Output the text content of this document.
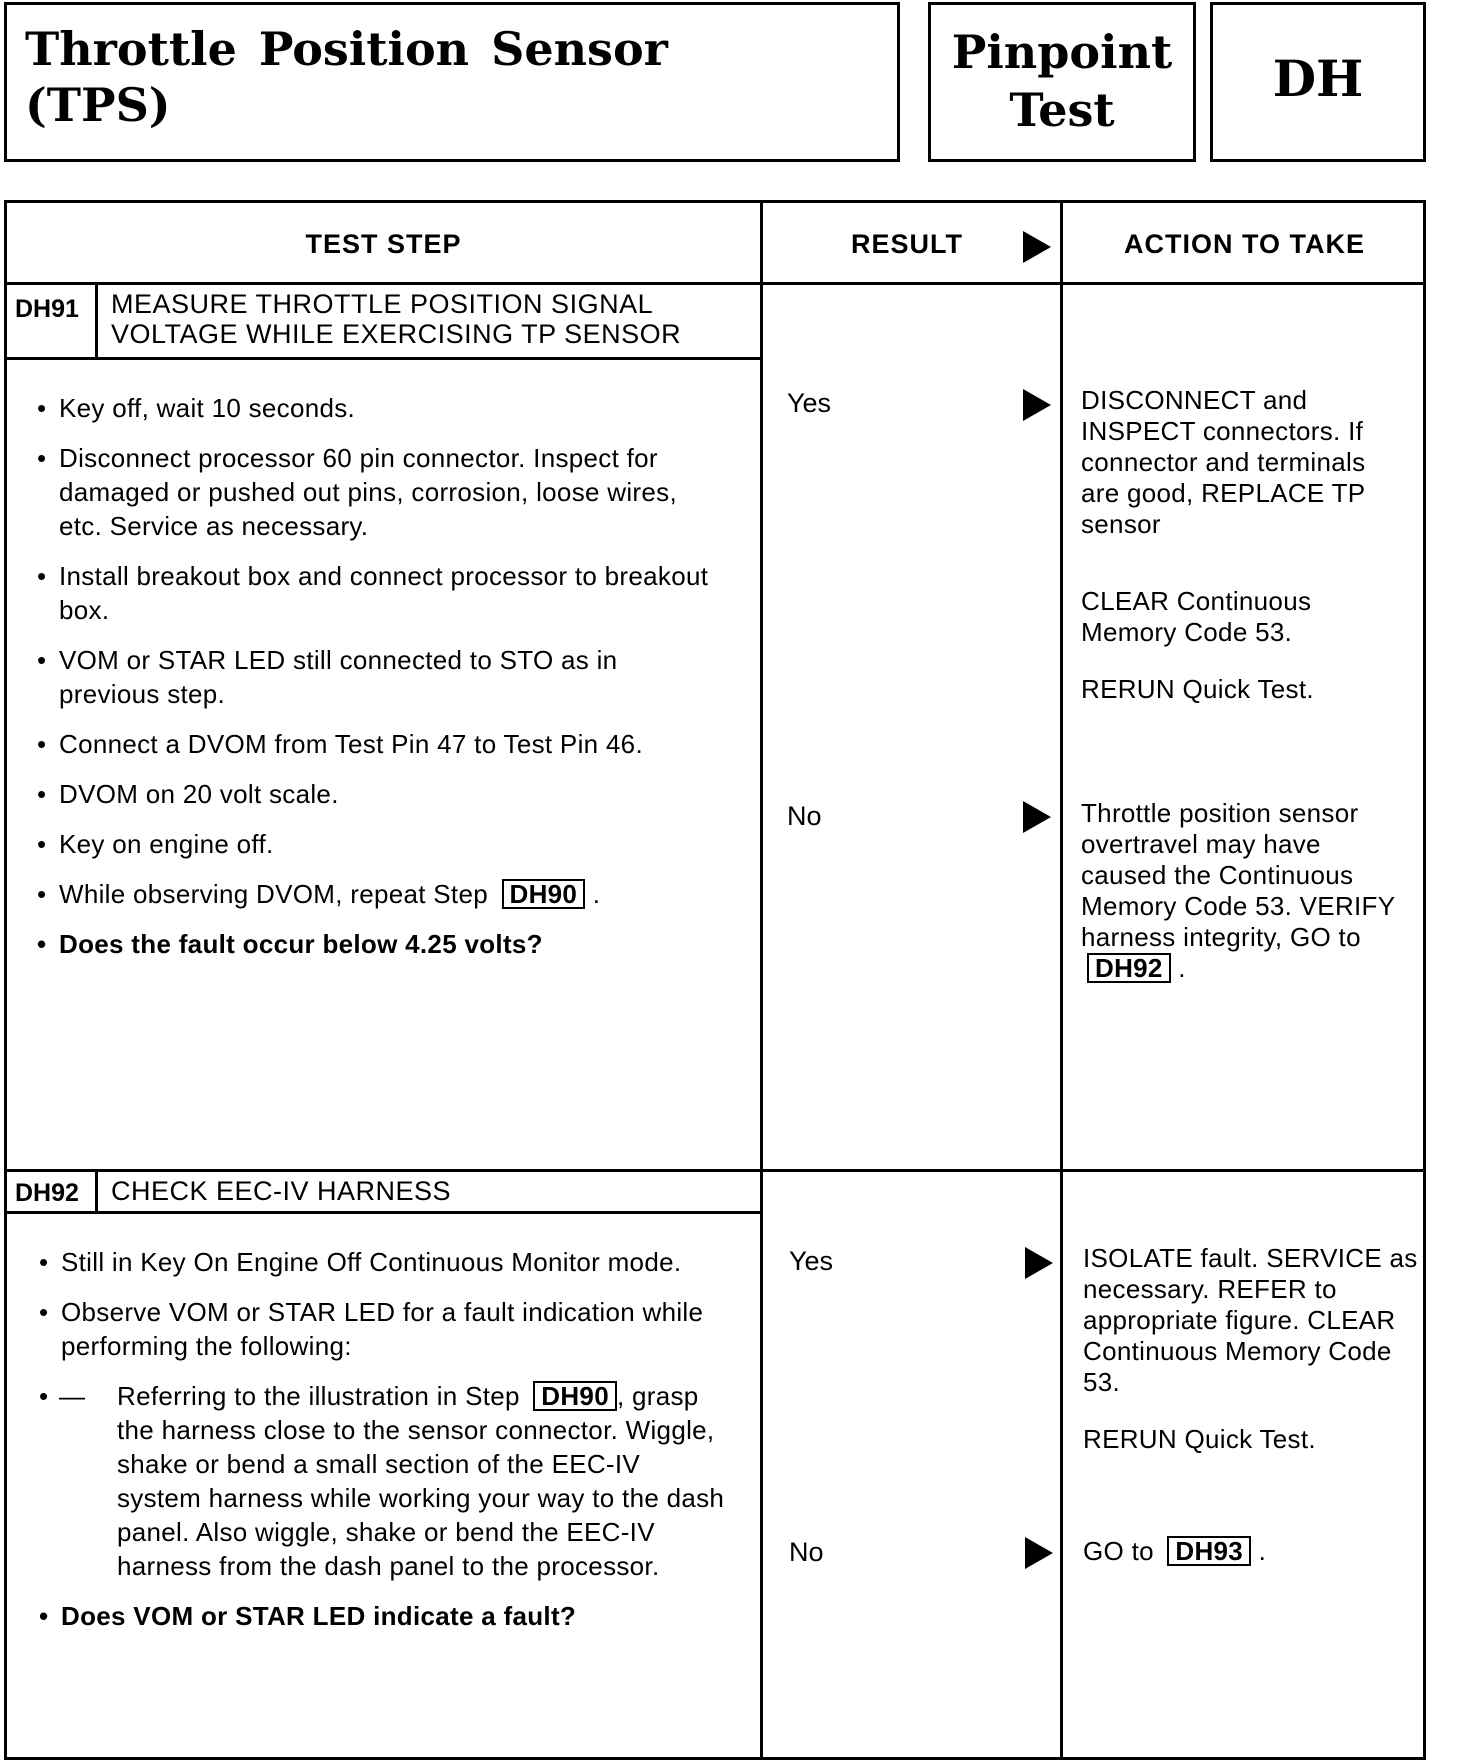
Throttle Position Sensor
(TPS)
Pinpoint
Test
DH
TEST STEP	RESULT	ACTION TO TAKE
DH91 MEASURE THROTTLE POSITION SIGNAL
VOLTAGE WHILE EXERCISING TP SENSOR
• Key off, wait 10 seconds.
• Disconnect processor 60 pin connector. Inspect for damaged or pushed out pins, corrosion, loose wires, etc. Service as necessary.
• Install breakout box and connect processor to breakout box.
• VOM or STAR LED still connected to STO as in previous step.
• Connect a DVOM from Test Pin 47 to Test Pin 46.
• DVOM on 20 volt scale.
• Key on engine off.
• While observing DVOM, repeat Step DH90 .
• Does the fault occur below 4.25 volts?
Yes	DISCONNECT and INSPECT connectors. If connector and terminals are good, REPLACE TP sensor

CLEAR Continuous Memory Code 53.

RERUN Quick Test.

No	Throttle position sensor overtravel may have caused the Continuous Memory Code 53. VERIFY harness integrity, GO to DH92 .
DH92 CHECK EEC-IV HARNESS
• Still in Key On Engine Off Continuous Monitor mode.
• Observe VOM or STAR LED for a fault indication while performing the following:
— • Referring to the illustration in Step DH90 , grasp the harness close to the sensor connector. Wiggle, shake or bend a small section of the EEC-IV system harness while working your way to the dash panel. Also wiggle, shake or bend the EEC-IV harness from the dash panel to the processor.
• Does VOM or STAR LED indicate a fault?
Yes	ISOLATE fault. SERVICE as necessary. REFER to appropriate figure. CLEAR Continuous Memory Code 53.

RERUN Quick Test.

No	GO to DH93 .
